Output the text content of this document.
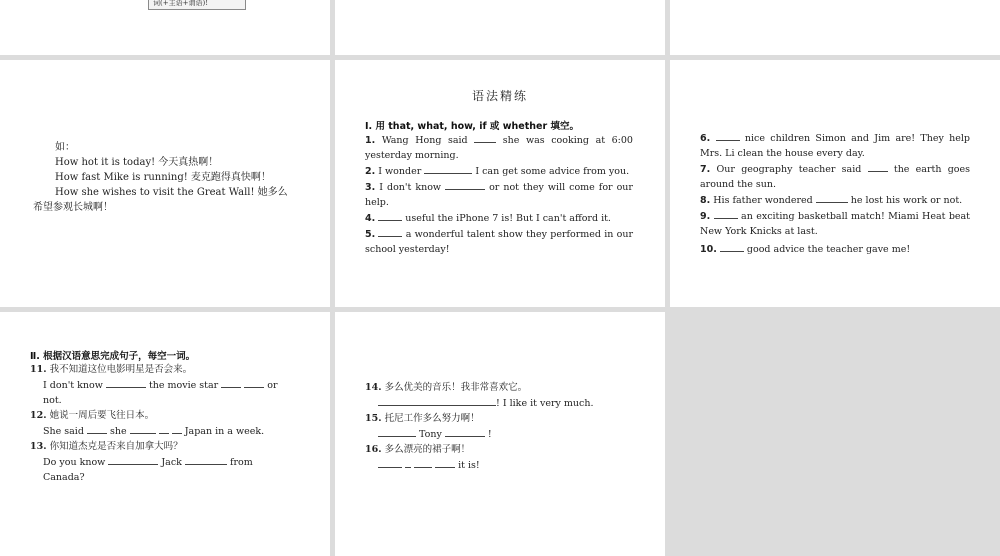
词(+主语+谓语)!
如：
How hot it is today! 今天真热啊！
How fast Mike is running! 麦克跑得真快啊！
How she wishes to visit the Great Wall! 她多么
希望参观长城啊！
语法精练
Ⅰ. 用 that, what, how, if 或 whether 填空。
1. Wang Hong said	she was cooking at 6:00 yesterday morning.
2. I wonder	I can get some advice from you.
3. I don't know	or not they will come for our help.
4.	useful the iPhone 7 is! But I can't afford it.
5.	a wonderful talent show they performed in our school yesterday!
6.	nice children Simon and Jim are! They help Mrs. Li clean the house every day.
7. Our geography teacher said	the earth goes around the sun.
8. His father wondered	he lost his work or not.
9.	an exciting basketball match! Miami Heat beat New York Knicks at last.
10.	good advice the teacher gave me!
Ⅱ. 根据汉语意思完成句子，每空一词。
11. 我不知道这位电影明星是否会来。
I don't know	the movie star	or
not.
12. 她说一周后要飞往日本。
She said	she	Japan in a week.
13. 你知道杰克是否来自加拿大吗？
Do you know	Jack	from
Canada?
14. 多么优美的音乐！我非常喜欢它。
! I like it very much.
15. 托尼工作多么努力啊！
Tony	!
16. 多么漂亮的裙子啊！
it is!
